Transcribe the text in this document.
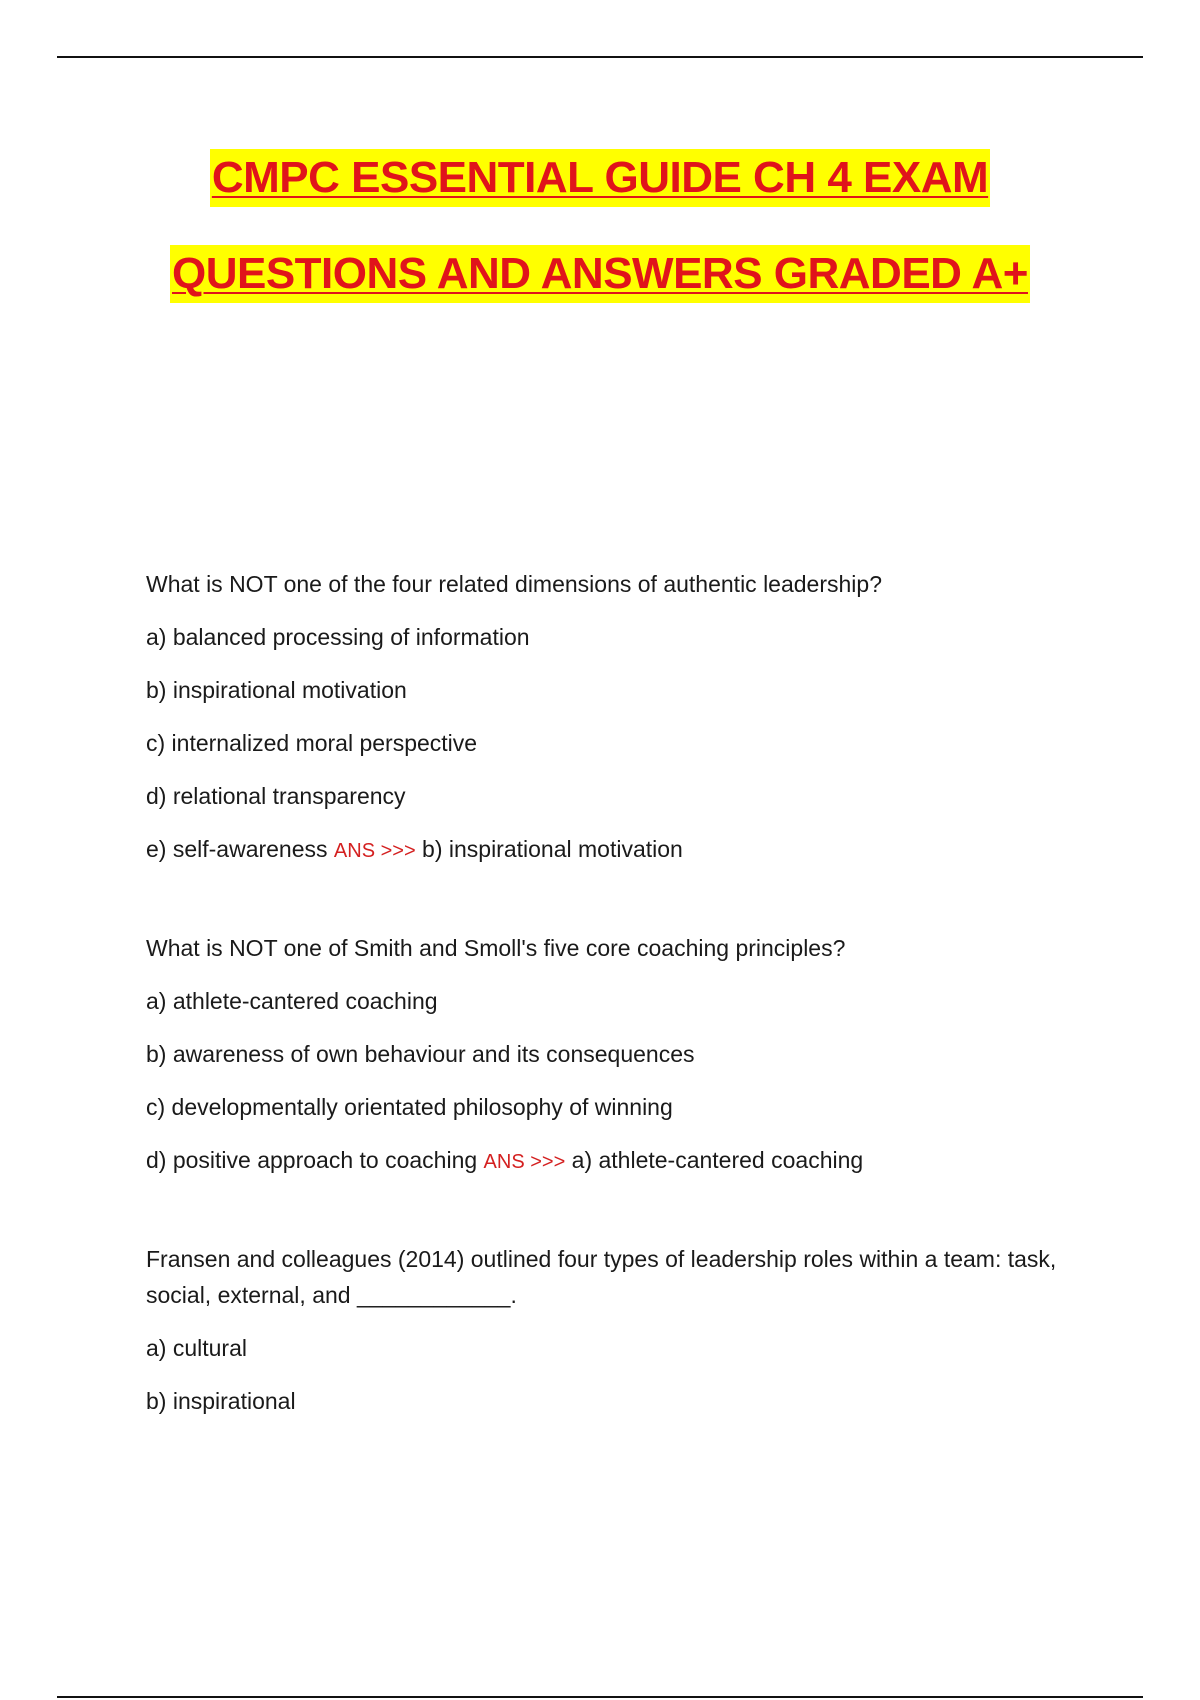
CMPC ESSENTIAL GUIDE CH 4 EXAM
QUESTIONS AND ANSWERS GRADED A+

What is NOT one of the four related dimensions of authentic leadership?

a) balanced processing of information

b) inspirational motivation

c) internalized moral perspective

d) relational transparency

e) self-awareness ANS >>> b) inspirational motivation

What is NOT one of Smith and Smoll's five core coaching principles?

a) athlete-cantered coaching

b) awareness of own behaviour and its consequences

c) developmentally orientated philosophy of winning

d) positive approach to coaching ANS >>> a) athlete-cantered coaching

Fransen and colleagues (2014) outlined four types of leadership roles within a team: task, social, external, and ____________.

a) cultural

b) inspirational
